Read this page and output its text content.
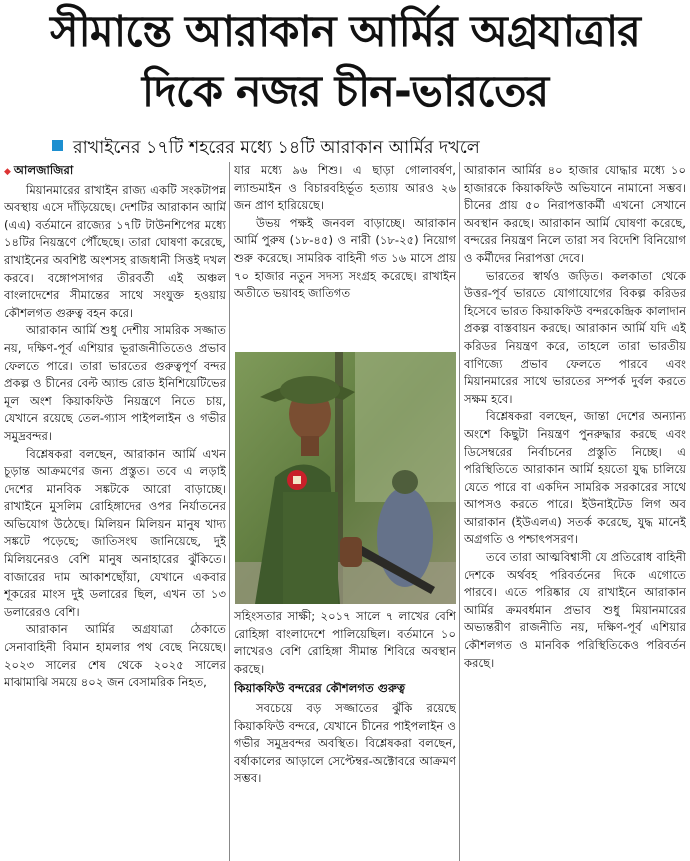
সীমান্তে আরাকান আর্মির অগ্রযাত্রার
দিকে নজর চীন-ভারতের
রাখাইনের ১৭টি শহরের মধ্যে ১৪টি আরাকান আর্মির দখলে
◆ আলজাজিরা

মিয়ানমারের রাখাইন রাজ্য একটি সংকটাপন্ন অবস্থায় এসে দাঁড়িয়েছে। দেশটির আরাকান আর্মি (এএ) বর্তমানে রাজ্যের ১৭টি টাউনশিপের মধ্যে ১৪টির নিয়ন্ত্রণে পৌঁছেছে। তারা ঘোষণা করেছে, রাখাইনের অবশিষ্ট অংশসহ রাজধানী সিত্তই দখল করবে। বঙ্গোপসাগর তীরবর্তী এই অঞ্চল বাংলাদেশের সীমান্তের সাথে সংযুক্ত হওয়ায় কৌশলগত গুরুত্ব বহন করে।

আরাকান আর্মি শুধু দেশীয় সামরিক সজ্জাত নয়, দক্ষিণ-পূর্ব এশিয়ার ভূরাজনীতিতেও প্রভাব ফেলতে পারে। তারা ভারতের গুরুত্বপূর্ণ বন্দর প্রকল্প ও চীনের বেল্ট অ্যান্ড রোড ইনিশিয়েটিভের মূল অংশ কিয়াকফিউ নিয়ন্ত্রণে নিতে চায়, যেখানে রয়েছে তেল-গ্যাস পাইপলাইন ও গভীর সমুদ্রবন্দর।

বিশ্লেষকরা বলছেন, আরাকান আর্মি এখন চূড়ান্ত আক্রমণের জন্য প্রস্তুত। তবে এ লড়াই দেশের মানবিক সঙ্কটকে আরো বাড়াচ্ছে। রাখাইনে মুসলিম রোহিঙ্গাদের ওপর নির্যাতনের অভিযোগ উঠেছে। মিলিয়ন মিলিয়ন মানুষ খাদ্য সঙ্কটে পড়েছে; জাতিসংঘ জানিয়েছে, দুই মিলিয়নেরও বেশি মানুষ অনাহারের ঝুঁকিতে। বাজারের দাম আকাশছোঁয়া, যেখানে একবার শূকরের মাংস দুই ডলারের ছিল, এখন তা ১৩ ডলারেরও বেশি।

আরাকান আর্মির অগ্রযাত্রা ঠেকাতে সেনাবাহিনী বিমান হামলার পথ বেছে নিয়েছে। ২০২৩ সালের শেষ থেকে ২০২৫ সালের মাঝামাঝি সময়ে ৪০২ জন বেসামরিক নিহত,

যার মধ্যে ৯৬ শিশু। এ ছাড়া গোলাবর্ষণ, ল্যান্ডমাইন ও বিচারবহির্ভূত হত্যায় আরও ২৬ জন প্রাণ হারিয়েছে।

উভয় পক্ষই জনবল বাড়াচ্ছে। আরাকান আর্মি পুরুষ (১৮-৪৫) ও নারী (১৮-২৫) নিয়োগ শুরু করেছে। সামরিক বাহিনী গত ১৬ মাসে প্রায় ৭০ হাজার নতুন সদস্য সংগ্রহ করেছে। রাখাইন অতীতে ভয়াবহ জাতিগত

সহিংসতার সাক্ষী; ২০১৭ সালে ৭ লাখের বেশি রোহিঙ্গা বাংলাদেশে পালিয়েছিল। বর্তমানে ১০ লাখেরও বেশি রোহিঙ্গা সীমান্ত শিবিরে অবস্থান করছে।

কিয়াকফিউ বন্দরের কৌশলগত গুরুত্ব

সবচেয়ে বড় সজ্জাতের ঝুঁকি রয়েছে কিয়াকফিউ বন্দরে, যেখানে চীনের পাইপলাইন ও গভীর সমুদ্রবন্দর অবস্থিত। বিশ্লেষকরা বলছেন, বর্ষাকালের আড়ালে সেপ্টেম্বর-অক্টোবরে আক্রমণ সম্ভব।

আরাকান আর্মির ৪০ হাজার যোদ্ধার মধ্যে ১০ হাজারকে কিয়াকফিউ অভিযানে নামানো সম্ভব। চীনের প্রায় ৫০ নিরাপত্তাকর্মী এখনো সেখানে অবস্থান করছে। আরাকান আর্মি ঘোষণা করেছে, বন্দরের নিয়ন্ত্রণ নিলে তারা সব বিদেশি বিনিয়োগ ও কর্মীদের নিরাপত্তা দেবে।

ভারতের স্বার্থও জড়িত। কলকাতা থেকে উত্তর-পূর্ব ভারতে যোগাযোগের বিকল্প করিডর হিসেবে ভারত কিয়াকফিউ বন্দরকেন্দ্রিক কালাদান প্রকল্প বাস্তবায়ন করছে। আরাকান আর্মি যদি এই করিডর নিয়ন্ত্রণ করে, তাহলে তারা ভারতীয় বাণিজ্যে প্রভাব ফেলতে পারবে এবং মিয়ানমারের সাথে ভারতের সম্পর্ক দুর্বল করতে সক্ষম হবে।

বিশ্লেষকরা বলছেন, জান্তা দেশের অন্যান্য অংশে কিছুটা নিয়ন্ত্রণ পুনরুদ্ধার করছে এবং ডিসেম্বরের নির্বাচনের প্রস্তুতি নিচ্ছে। এ পরিস্থিতিতে আরাকান আর্মি হয়তো যুদ্ধ চালিয়ে যেতে পারে বা একদিন সামরিক সরকারের সাথে আপসও করতে পারে। ইউনাইটেড লিগ অব আরাকান (ইউএলএ) সতর্ক করেছে, যুদ্ধ মানেই অগ্রগতি ও পশ্চাৎপসরণ।

তবে তারা আত্মবিশ্বাসী যে প্রতিরোধ বাহিনী দেশকে অর্থবহ পরিবর্তনের দিকে এগোতে পারবে। এতে পরিষ্কার যে রাখাইনে আরাকান আর্মির ক্রমবর্ধমান প্রভাব শুধু মিয়ানমারের অভ্যন্তরীণ রাজনীতি নয়, দক্ষিণ-পূর্ব এশিয়ার কৌশলগত ও মানবিক পরিস্থিতিকেও পরিবর্তন করছে।
